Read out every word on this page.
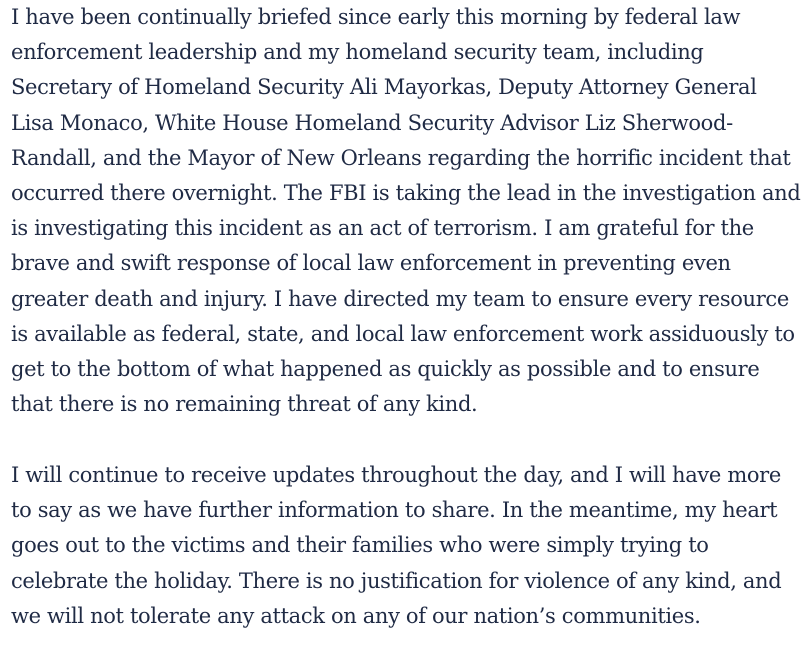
I have been continually briefed since early this morning by federal law enforcement leadership and my homeland security team, including Secretary of Homeland Security Ali Mayorkas, Deputy Attorney General Lisa Monaco, White House Homeland Security Advisor Liz Sherwood-Randall, and the Mayor of New Orleans regarding the horrific incident that occurred there overnight. The FBI is taking the lead in the investigation and is investigating this incident as an act of terrorism. I am grateful for the brave and swift response of local law enforcement in preventing even greater death and injury. I have directed my team to ensure every resource is available as federal, state, and local law enforcement work assiduously to get to the bottom of what happened as quickly as possible and to ensure that there is no remaining threat of any kind.

I will continue to receive updates throughout the day, and I will have more to say as we have further information to share. In the meantime, my heart goes out to the victims and their families who were simply trying to celebrate the holiday. There is no justification for violence of any kind, and we will not tolerate any attack on any of our nation’s communities.
